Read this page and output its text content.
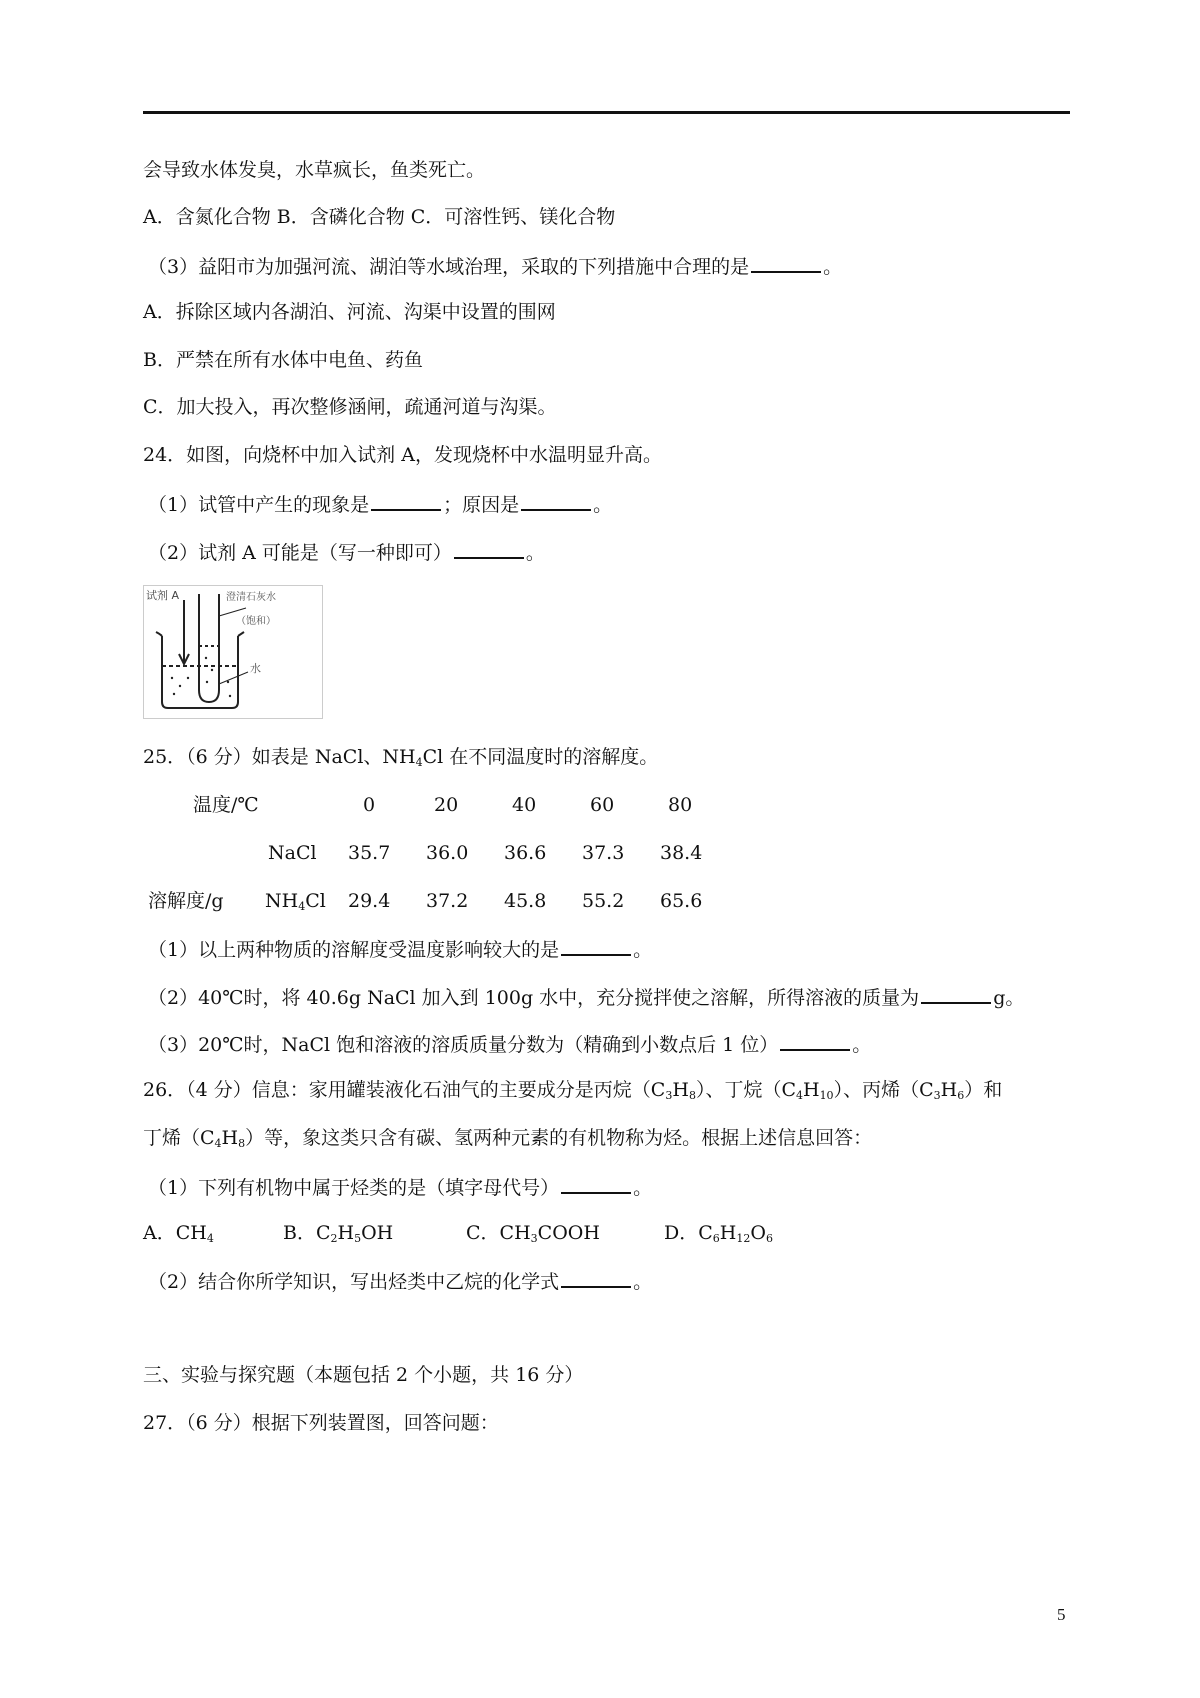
会导致水体发臭，水草疯长，鱼类死亡。
A．含氮化合物 B．含磷化合物 C．可溶性钙、镁化合物
（3）益阳市为加强河流、湖泊等水域治理，采取的下列措施中合理的是	。
A．拆除区域内各湖泊、河流、沟渠中设置的围网
B．严禁在所有水体中电鱼、药鱼
C．加大投入，再次整修涵闸，疏通河道与沟渠。
24．如图，向烧杯中加入试剂 A，发现烧杯中水温明显升高。
（1）试管中产生的现象是	；原因是	。
（2）试剂 A 可能是（写一种即可）	。
试剂 A	澄清石灰水
（饱和）
水
25．（6 分）如表是 NaCl、$NH_4Cl$ 在不同温度时的溶解度。
温度/℃	0	20	40	60	80
NaCl 35.7 36.0 36.6 37.3 38.4
溶解度/g $NH_4Cl$ 29.4 37.2 45.8 55.2 65.6
（1）以上两种物质的溶解度受温度影响较大的是	。
（2）40℃时，将 40.6g NaCl 加入到 100g 水中，充分搅拌使之溶解，所得溶液的质量为	g。
（3）20℃时，NaCl 饱和溶液的溶质质量分数为（精确到小数点后 1 位）	。
26．（4 分）信息：家用罐装液化石油气的主要成分是丙烷$(C_3H_8)$、丁烷$(C_4H_{10})$、丙烯$(C_3H_6)$和
丁烯$(C_4H_8)$等，象这类只含有碳、氢两种元素的有机物称为烃。根据上述信息回答：
（1）下列有机物中属于烃类的是（填字母代号）	。
A．$CH_4$	B．$C_2H_5OH$	C．$CH_3COOH$	D．$C_6H_{12}O_6$
（2）结合你所学知识，写出烃类中乙烷的化学式	。
三、实验与探究题（本题包括 2 个小题，共 16 分）
27．（6 分）根据下列装置图，回答问题：
5
